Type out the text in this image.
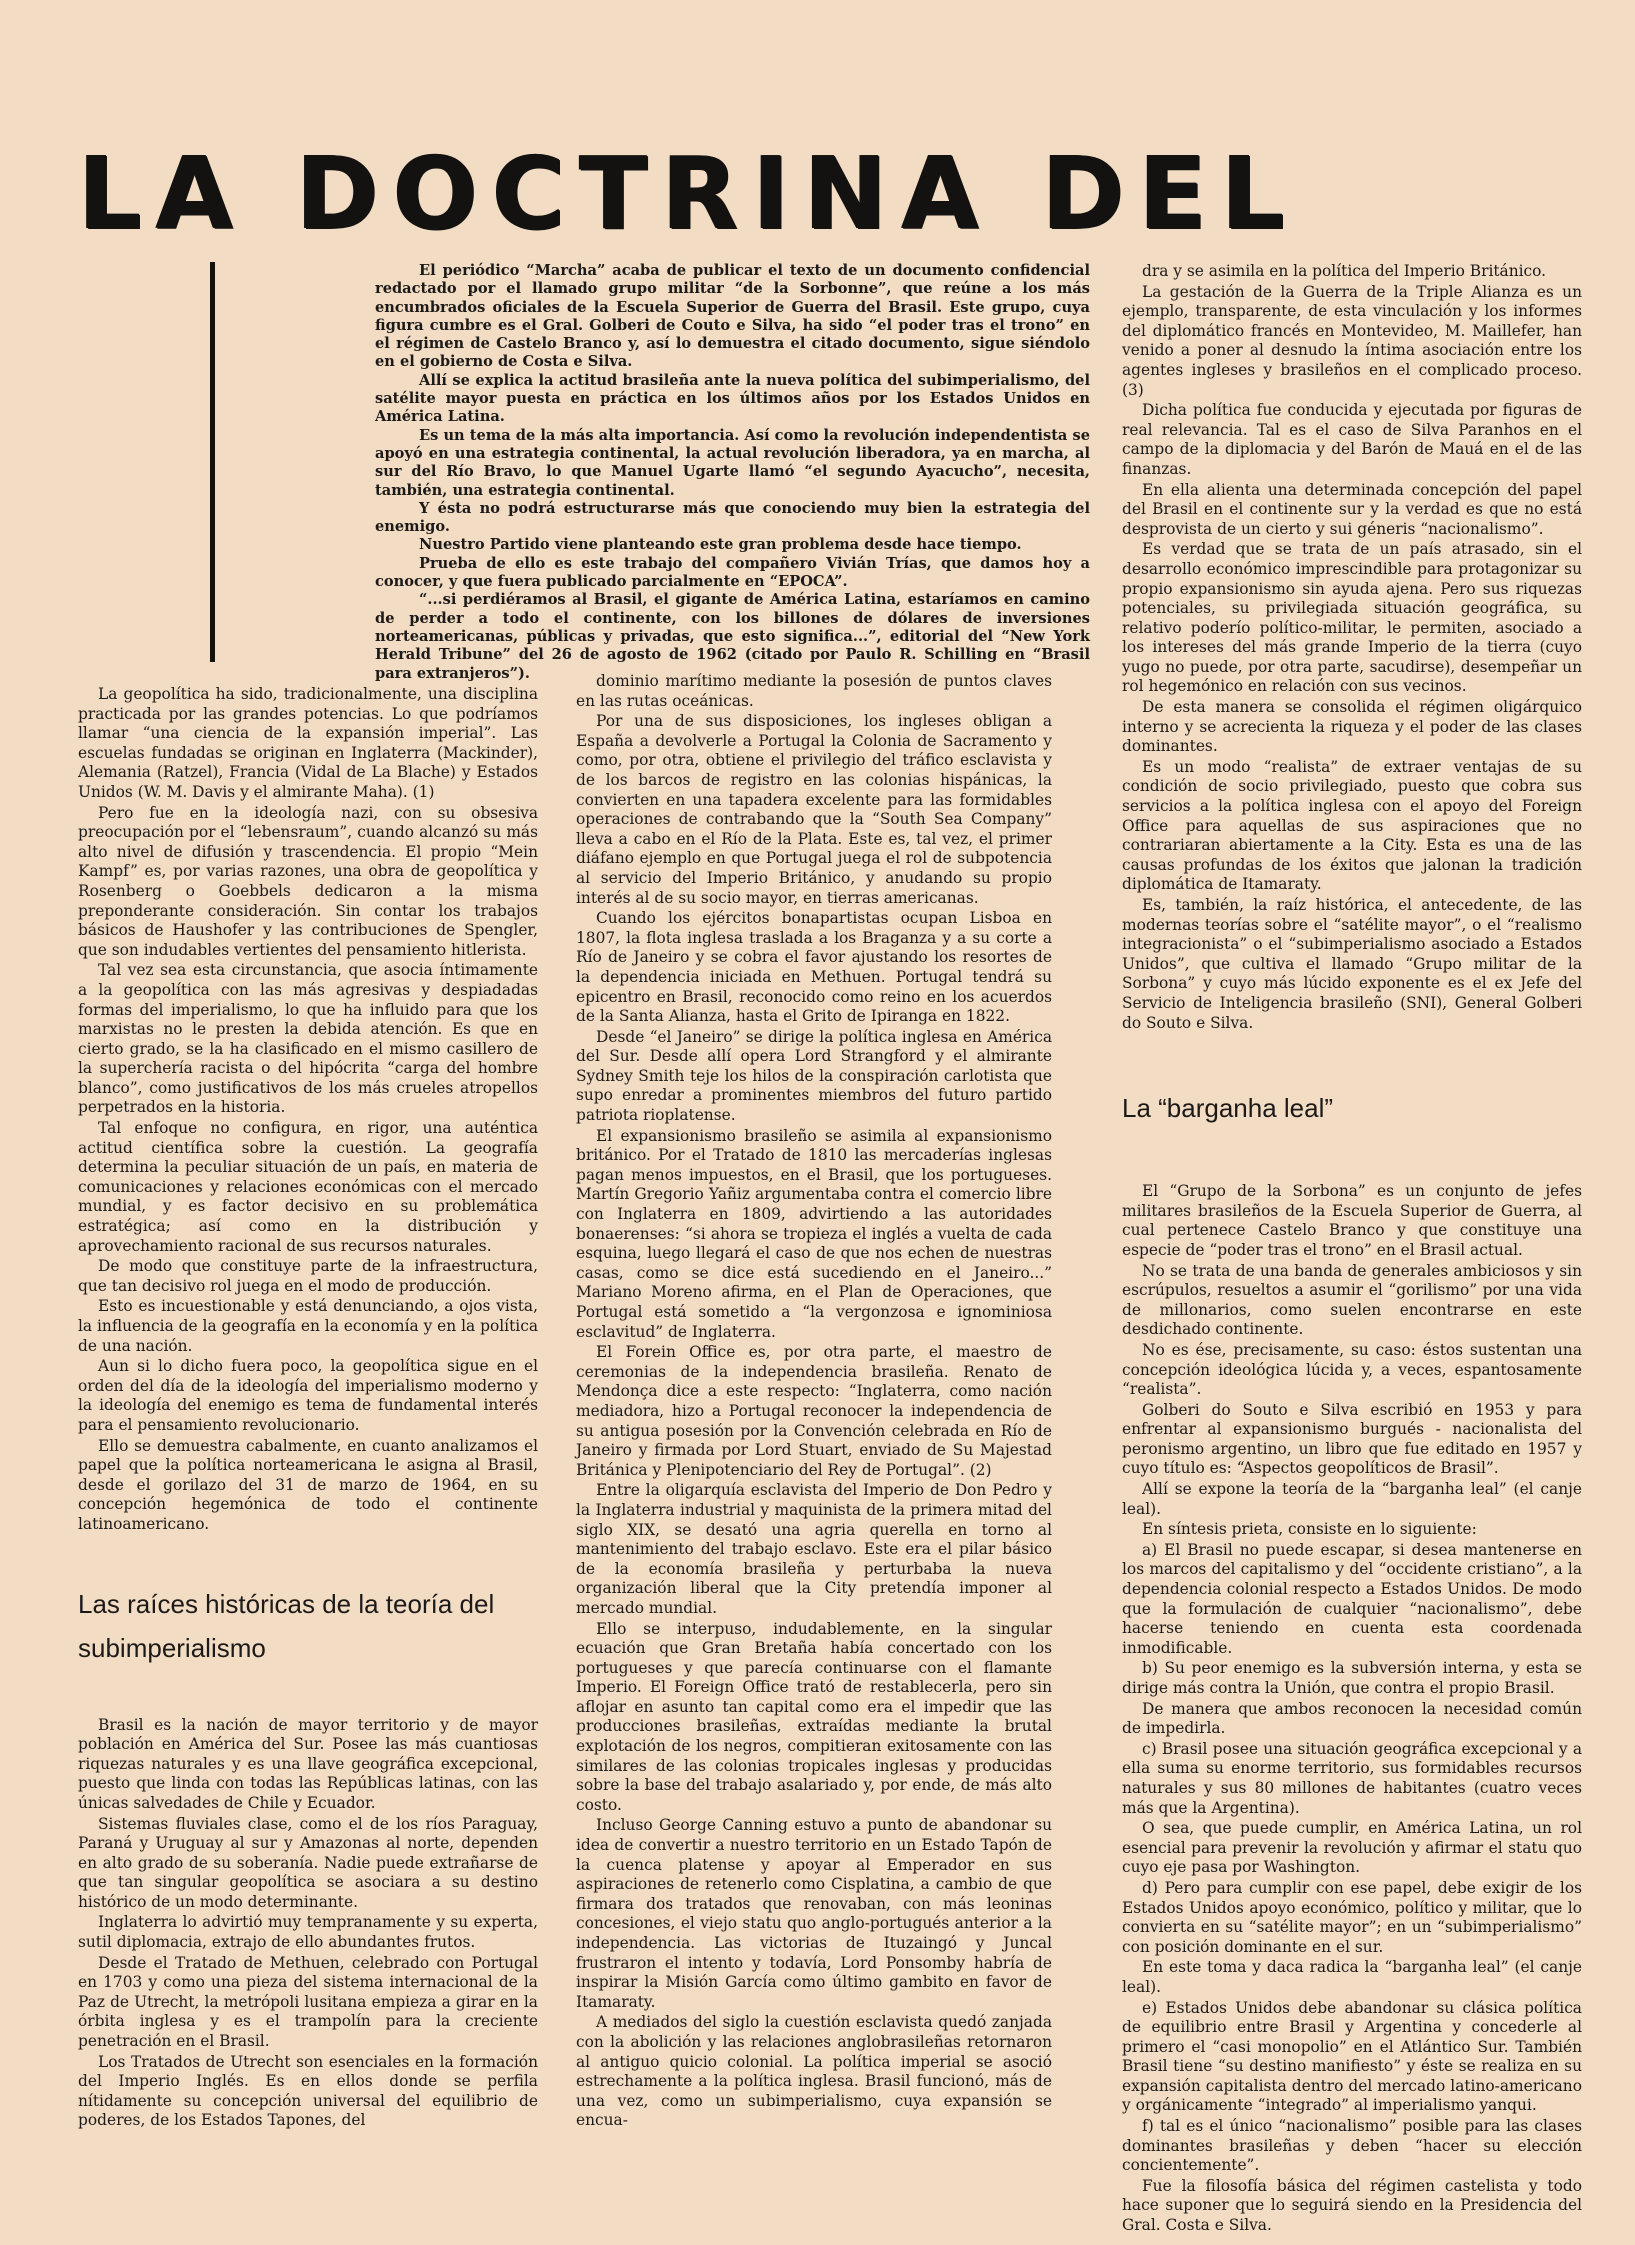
LA DOCTRINA DEL

El periódico “Marcha” acaba de publicar el texto de un documento confidencial redactado por el llamado grupo militar “de la Sorbonne”, que reúne a los más encumbrados oficiales de la Escuela Superior de Guerra del Brasil. Este grupo, cuya figura cumbre es el Gral. Golberi de Couto e Silva, ha sido “el poder tras el trono” en el régimen de Castelo Branco y, así lo demuestra el citado documento, sigue siéndolo en el gobierno de Costa e Silva.

Allí se explica la actitud brasileña ante la nueva política del subimperialismo, del satélite mayor puesta en práctica en los últimos años por los Estados Unidos en América Latina.

Es un tema de la más alta importancia. Así como la revolución independentista se apoyó en una estrategia continental, la actual revolución liberadora, ya en marcha, al sur del Río Bravo, lo que Manuel Ugarte llamó “el segundo Ayacucho”, necesita, también, una estrategia continental.

Y ésta no podrá estructurarse más que conociendo muy bien la estrategia del enemigo.

Nuestro Partido viene planteando este gran problema desde hace tiempo.

Prueba de ello es este trabajo del compañero Vivián Trías, que damos hoy a conocer, y que fuera publicado parcialmente en “EPOCA”.

“...si perdiéramos al Brasil, el gigante de América Latina, estaríamos en camino de perder a todo el continente, con los billones de dólares de inversiones norteamericanas, públicas y privadas, que esto significa...”, editorial del “New York Herald Tribune” del 26 de agosto de 1962 (citado por Paulo R. Schilling en “Brasil para extranjeros”).

La geopolítica ha sido, tradicionalmente, una disciplina practicada por las grandes potencias. Lo que podríamos llamar “una ciencia de la expansión imperial”. Las escuelas fundadas se originan en Inglaterra (Mackinder), Alemania (Ratzel), Francia (Vidal de La Blache) y Estados Unidos (W. M. Davis y el almirante Maha). (1)

Pero fue en la ideología nazi, con su obsesiva preocupación por el “lebensraum”, cuando alcanzó su más alto nivel de difusión y trascendencia. El propio “Mein Kampf” es, por varias razones, una obra de geopolítica y Rosenberg o Goebbels dedicaron a la misma preponderante consideración. Sin contar los trabajos básicos de Haushofer y las contribuciones de Spengler, que son indudables vertientes del pensamiento hitlerista.

Tal vez sea esta circunstancia, que asocia íntimamente a la geopolítica con las más agresivas y despiadadas formas del imperialismo, lo que ha influido para que los marxistas no le presten la debida atención. Es que en cierto grado, se la ha clasificado en el mismo casillero de la superchería racista o del hipócrita “carga del hombre blanco”, como justificativos de los más crueles atropellos perpetrados en la historia.

Tal enfoque no configura, en rigor, una auténtica actitud científica sobre la cuestión. La geografía determina la peculiar situación de un país, en materia de comunicaciones y relaciones económicas con el mercado mundial, y es factor decisivo en su problemática estratégica; así como en la distribución y aprovechamiento racional de sus recursos naturales.

De modo que constituye parte de la infraestructura, que tan decisivo rol juega en el modo de producción.

Esto es incuestionable y está denunciando, a ojos vista, la influencia de la geografía en la economía y en la política de una nación.

Aun si lo dicho fuera poco, la geopolítica sigue en el orden del día de la ideología del imperialismo moderno y la ideología del enemigo es tema de fundamental interés para el pensamiento revolucionario.

Ello se demuestra cabalmente, en cuanto analizamos el papel que la política norteamericana le asigna al Brasil, desde el gorilazo del 31 de marzo de 1964, en su concepción hegemónica de todo el continente latinoamericano.

Las raíces históricas de la teoría del subimperialismo

Brasil es la nación de mayor territorio y de mayor población en América del Sur. Posee las más cuantiosas riquezas naturales y es una llave geográfica excepcional, puesto que linda con todas las Repúblicas latinas, con las únicas salvedades de Chile y Ecuador.

Sistemas fluviales clase, como el de los ríos Paraguay, Paraná y Uruguay al sur y Amazonas al norte, dependen en alto grado de su soberanía. Nadie puede extrañarse de que tan singular geopolítica se asociara a su destino histórico de un modo determinante.

Inglaterra lo advirtió muy tempranamente y su experta, sutil diplomacia, extrajo de ello abundantes frutos.

Desde el Tratado de Methuen, celebrado con Portugal en 1703 y como una pieza del sistema internacional de la Paz de Utrecht, la metrópoli lusitana empieza a girar en la órbita inglesa y es el trampolín para la creciente penetración en el Brasil.

Los Tratados de Utrecht son esenciales en la formación del Imperio Inglés. Es en ellos donde se perfila nítidamente su concepción universal del equilibrio de poderes, de los Estados Tapones, del

dominio marítimo mediante la posesión de puntos claves en las rutas oceánicas.

Por una de sus disposiciones, los ingleses obligan a España a devolverle a Portugal la Colonia de Sacramento y como, por otra, obtiene el privilegio del tráfico esclavista y de los barcos de registro en las colonias hispánicas, la convierten en una tapadera excelente para las formidables operaciones de contrabando que la “South Sea Company” lleva a cabo en el Río de la Plata. Este es, tal vez, el primer diáfano ejemplo en que Portugal juega el rol de subpotencia al servicio del Imperio Británico, y anudando su propio interés al de su socio mayor, en tierras americanas.

Cuando los ejércitos bonapartistas ocupan Lisboa en 1807, la flota inglesa traslada a los Braganza y a su corte a Río de Janeiro y se cobra el favor ajustando los resortes de la dependencia iniciada en Methuen. Portugal tendrá su epicentro en Brasil, reconocido como reino en los acuerdos de la Santa Alianza, hasta el Grito de Ipiranga en 1822.

Desde “el Janeiro” se dirige la política inglesa en América del Sur. Desde allí opera Lord Strangford y el almirante Sydney Smith teje los hilos de la conspiración carlotista que supo enredar a prominentes miembros del futuro partido patriota rioplatense.

El expansionismo brasileño se asimila al expansionismo británico. Por el Tratado de 1810 las mercaderías inglesas pagan menos impuestos, en el Brasil, que los portugueses. Martín Gregorio Yañiz argumentaba contra el comercio libre con Inglaterra en 1809, advirtiendo a las autoridades bonaerenses: “si ahora se tropieza el inglés a vuelta de cada esquina, luego llegará el caso de que nos echen de nuestras casas, como se dice está sucediendo en el Janeiro...” Mariano Moreno afirma, en el Plan de Operaciones, que Portugal está sometido a “la vergonzosa e ignominiosa esclavitud” de Inglaterra.

El Forein Office es, por otra parte, el maestro de ceremonias de la independencia brasileña. Renato de Mendonça dice a este respecto: “Inglaterra, como nación mediadora, hizo a Portugal reconocer la independencia de su antigua posesión por la Convención celebrada en Río de Janeiro y firmada por Lord Stuart, enviado de Su Majestad Británica y Plenipotenciario del Rey de Portugal”. (2)

Entre la oligarquía esclavista del Imperio de Don Pedro y la Inglaterra industrial y maquinista de la primera mitad del siglo XIX, se desató una agria querella en torno al mantenimiento del trabajo esclavo. Este era el pilar básico de la economía brasileña y perturbaba la nueva organización liberal que la City pretendía imponer al mercado mundial.

Ello se interpuso, indudablemente, en la singular ecuación que Gran Bretaña había concertado con los portugueses y que parecía continuarse con el flamante Imperio. El Foreign Office trató de restablecerla, pero sin aflojar en asunto tan capital como era el impedir que las producciones brasileñas, extraídas mediante la brutal explotación de los negros, compitieran exitosamente con las similares de las colonias tropicales inglesas y producidas sobre la base del trabajo asalariado y, por ende, de más alto costo.

Incluso George Canning estuvo a punto de abandonar su idea de convertir a nuestro territorio en un Estado Tapón de la cuenca platense y apoyar al Emperador en sus aspiraciones de retenerlo como Cisplatina, a cambio de que firmara dos tratados que renovaban, con más leoninas concesiones, el viejo statu quo anglo-portugués anterior a la independencia. Las victorias de Ituzaingó y Juncal frustraron el intento y todavía, Lord Ponsomby habría de inspirar la Misión García como último gambito en favor de Itamaraty.

A mediados del siglo la cuestión esclavista quedó zanjada con la abolición y las relaciones anglobrasileñas retornaron al antiguo quicio colonial. La política imperial se asoció estrechamente a la política inglesa. Brasil funcionó, más de una vez, como un subimperialismo, cuya expansión se encua-

dra y se asimila en la política del Imperio Británico.

La gestación de la Guerra de la Triple Alianza es un ejemplo, transparente, de esta vinculación y los informes del diplomático francés en Montevideo, M. Maillefer, han venido a poner al desnudo la íntima asociación entre los agentes ingleses y brasileños en el complicado proceso. (3)

Dicha política fue conducida y ejecutada por figuras de real relevancia. Tal es el caso de Silva Paranhos en el campo de la diplomacia y del Barón de Mauá en el de las finanzas.

En ella alienta una determinada concepción del papel del Brasil en el continente sur y la verdad es que no está desprovista de un cierto y sui géneris “nacionalismo”.

Es verdad que se trata de un país atrasado, sin el desarrollo económico imprescindible para protagonizar su propio expansionismo sin ayuda ajena. Pero sus riquezas potenciales, su privilegiada situación geográfica, su relativo poderío político-militar, le permiten, asociado a los intereses del más grande Imperio de la tierra (cuyo yugo no puede, por otra parte, sacudirse), desempeñar un rol hegemónico en relación con sus vecinos.

De esta manera se consolida el régimen oligárquico interno y se acrecienta la riqueza y el poder de las clases dominantes.

Es un modo “realista” de extraer ventajas de su condición de socio privilegiado, puesto que cobra sus servicios a la política inglesa con el apoyo del Foreign Office para aquellas de sus aspiraciones que no contrariaran abiertamente a la City. Esta es una de las causas profundas de los éxitos que jalonan la tradición diplomática de Itamaraty.

Es, también, la raíz histórica, el antecedente, de las modernas teorías sobre el “satélite mayor”, o el “realismo integracionista” o el “subimperialismo asociado a Estados Unidos”, que cultiva el llamado “Grupo militar de la Sorbona” y cuyo más lúcido exponente es el ex Jefe del Servicio de Inteligencia brasileño (SNI), General Golberi do Souto e Silva.

La “barganha leal”

El “Grupo de la Sorbona” es un conjunto de jefes militares brasileños de la Escuela Superior de Guerra, al cual pertenece Castelo Branco y que constituye una especie de “poder tras el trono” en el Brasil actual.

No se trata de una banda de generales ambiciosos y sin escrúpulos, resueltos a asumir el “gorilismo” por una vida de millonarios, como suelen encontrarse en este desdichado continente.

No es ése, precisamente, su caso: éstos sustentan una concepción ideológica lúcida y, a veces, espantosamente “realista”.

Golberi do Souto e Silva escribió en 1953 y para enfrentar al expansionismo burgués - nacionalista del peronismo argentino, un libro que fue editado en 1957 y cuyo título es: “Aspectos geopolíticos de Brasil”.

Allí se expone la teoría de la “barganha leal” (el canje leal).

En síntesis prieta, consiste en lo siguiente:

a) El Brasil no puede escapar, si desea mantenerse en los marcos del capitalismo y del “occidente cristiano”, a la dependencia colonial respecto a Estados Unidos. De modo que la formulación de cualquier “nacionalismo”, debe hacerse teniendo en cuenta esta coordenada inmodificable.

b) Su peor enemigo es la subversión interna, y esta se dirige más contra la Unión, que contra el propio Brasil.

De manera que ambos reconocen la necesidad común de impedirla.

c) Brasil posee una situación geográfica excepcional y a ella suma su enorme territorio, sus formidables recursos naturales y sus 80 millones de habitantes (cuatro veces más que la Argentina).

O sea, que puede cumplir, en América Latina, un rol esencial para prevenir la revolución y afirmar el statu quo cuyo eje pasa por Washington.

d) Pero para cumplir con ese papel, debe exigir de los Estados Unidos apoyo económico, político y militar, que lo convierta en su “satélite mayor”; en un “subimperialismo” con posición dominante en el sur.

En este toma y daca radica la “barganha leal” (el canje leal).

e) Estados Unidos debe abandonar su clásica política de equilibrio entre Brasil y Argentina y concederle al primero el “casi monopolio” en el Atlántico Sur. También Brasil tiene “su destino manifiesto” y éste se realiza en su expansión capitalista dentro del mercado latino-americano y orgánicamente “integrado” al imperialismo yanqui.

f) tal es el único “nacionalismo” posible para las clases dominantes brasileñas y deben “hacer su elección concientemente”.

Fue la filosofía básica del régimen castelista y todo hace suponer que lo seguirá siendo en la Presidencia del Gral. Costa e Silva.
